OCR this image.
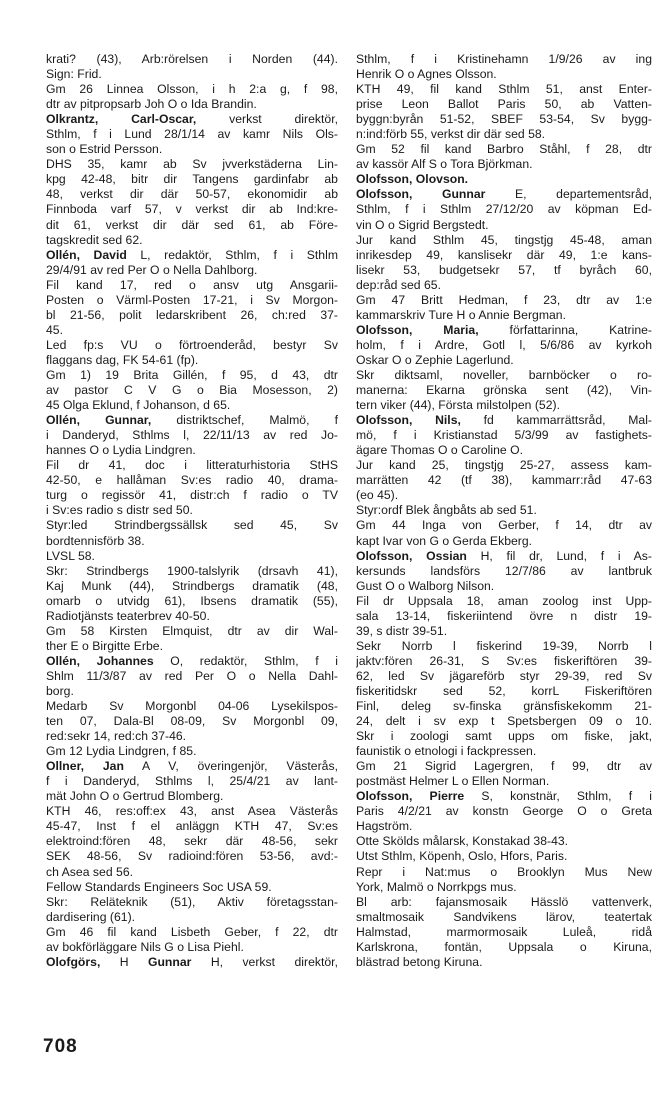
krati? (43), Arb:rörelsen i Norden (44).
Sign: Frid.
Gm 26 Linnea Olsson, i h 2:a g, f 98,
dtr av pitpropsarb Joh O o Ida Brandin.
Olkrantz, Carl-Oscar, verkst direktör,
Sthlm, f i Lund 28/1/14 av kamr Nils Ols-
son o Estrid Persson.
DHS 35, kamr ab Sv jvverkstäderna Lin-
kpg 42-48, bitr dir Tangens gardinfabr ab
48, verkst dir där 50-57, ekonomidir ab
Finnboda varf 57, v verkst dir ab Ind:kre-
dit 61, verkst dir där sed 61, ab Före-
tagskredit sed 62.
Ollén, David L, redaktör, Sthlm, f i Sthlm
29/4/91 av red Per O o Nella Dahlborg.
Fil kand 17, red o ansv utg Ansgarii-
Posten o Värml-Posten 17-21, i Sv Morgon-
bl 21-56, polit ledarskribent 26, ch:red 37-
45.
Led fp:s VU o förtroenderåd, bestyr Sv
flaggans dag, FK 54-61 (fp).
Gm 1) 19 Brita Gillén, f 95, d 43, dtr
av pastor C V G o Bia Mosesson, 2)
45 Olga Eklund, f Johanson, d 65.
Ollén, Gunnar, distriktschef, Malmö, f
i Danderyd, Sthlms l, 22/11/13 av red Jo-
hannes O o Lydia Lindgren.
Fil dr 41, doc i litteraturhistoria StHS
42-50, e hallåman Sv:es radio 40, drama-
turg o regissör 41, distr:ch f radio o TV
i Sv:es radio s distr sed 50.
Styr:led Strindbergssällsk sed 45, Sv
bordtennisförb 38.
LVSL 58.
Skr: Strindbergs 1900-talslyrik (drsavh 41),
Kaj Munk (44), Strindbergs dramatik (48,
omarb o utvidg 61), Ibsens dramatik (55),
Radiotjänsts teaterbrev 40-50.
Gm 58 Kirsten Elmquist, dtr av dir Wal-
ther E o Birgitte Erbe.
Ollén, Johannes O, redaktör, Sthlm, f i
Shlm 11/3/87 av red Per O o Nella Dahl-
borg.
Medarb Sv Morgonbl 04-06 Lysekilspos-
ten 07, Dala-Bl 08-09, Sv Morgonbl 09,
red:sekr 14, red:ch 37-46.
Gm 12 Lydia Lindgren, f 85.
Ollner, Jan A V, överingenjör, Västerås,
f i Danderyd, Sthlms l, 25/4/21 av lant-
mät John O o Gertrud Blomberg.
KTH 46, res:off:ex 43, anst Asea Västerås
45-47, Inst f el anläggn KTH 47, Sv:es
elektroind:fören 48, sekr där 48-56, sekr
SEK 48-56, Sv radioind:fören 53-56, avd:-
ch Asea sed 56.
Fellow Standards Engineers Soc USA 59.
Skr: Reläteknik (51), Aktiv företagsstan-
dardisering (61).
Gm 46 fil kand Lisbeth Geber, f 22, dtr
av bokförläggare Nils G o Lisa Piehl.
Olofgörs, H Gunnar H, verkst direktör,
Sthlm, f i Kristinehamn 1/9/26 av ing
Henrik O o Agnes Olsson.
KTH 49, fil kand Sthlm 51, anst Enter-
prise Leon Ballot Paris 50, ab Vatten-
byggn:byrån 51-52, SBEF 53-54, Sv bygg-
n:ind:förb 55, verkst dir där sed 58.
Gm 52 fil kand Barbro Ståhl, f 28, dtr
av kassör Alf S o Tora Björkman.
Olofsson, Olovson.
Olofsson, Gunnar E, departementsråd,
Sthlm, f i Sthlm 27/12/20 av köpman Ed-
vin O o Sigrid Bergstedt.
Jur kand Sthlm 45, tingstjg 45-48, aman
inrikesdep 49, kanslisekr där 49, 1:e kans-
lisekr 53, budgetsekr 57, tf byråch 60,
dep:råd sed 65.
Gm 47 Britt Hedman, f 23, dtr av 1:e
kammarskriv Ture H o Annie Bergman.
Olofsson, Maria, författarinna, Katrine-
holm, f i Ardre, Gotl l, 5/6/86 av kyrkoh
Oskar O o Zephie Lagerlund.
Skr diktsaml, noveller, barnböcker o ro-
manerna: Ekarna grönska sent (42), Vin-
tern viker (44), Första milstolpen (52).
Olofsson, Nils, fd kammarrättsråd, Mal-
mö, f i Kristianstad 5/3/99 av fastighets-
ägare Thomas O o Caroline O.
Jur kand 25, tingstjg 25-27, assess kam-
marrätten 42 (tf 38), kammarr:råd 47-63
(eo 45).
Styr:ordf Blek ångbåts ab sed 51.
Gm 44 Inga von Gerber, f 14, dtr av
kapt Ivar von G o Gerda Ekberg.
Olofsson, Ossian H, fil dr, Lund, f i As-
kersunds landsförs 12/7/86 av lantbruk
Gust O o Walborg Nilson.
Fil dr Uppsala 18, aman zoolog inst Upp-
sala 13-14, fiskeriintend övre n distr 19-
39, s distr 39-51.
Sekr Norrb l fiskerind 19-39, Norrb l
jaktv:fören 26-31, S Sv:es fiskeriftören 39-
62, led Sv jägareförb styr 29-39, red Sv
fiskeritidskr sed 52, korrL Fiskeriftören
Finl, deleg sv-finska gränsfiskekomm 21-
24, delt i sv exp t Spetsbergen 09 o 10.
Skr i zoologi samt upps om fiske, jakt,
faunistik o etnologi i fackpressen.
Gm 21 Sigrid Lagergren, f 99, dtr av
postmäst Helmer L o Ellen Norman.
Olofsson, Pierre S, konstnär, Sthlm, f i
Paris 4/2/21 av konstn George O o Greta
Hagström.
Otte Skölds målarsk, Konstakad 38-43.
Utst Sthlm, Köpenh, Oslo, Hfors, Paris.
Repr i Nat:mus o Brooklyn Mus New
York, Malmö o Norrkpgs mus.
Bl arb: fajansmosaik Hässlö vattenverk,
smaltmosaik Sandvikens lärov, teatertak
Halmstad, marmormosaik Luleå, ridå
Karlskrona, fontän, Uppsala o Kiruna,
blästrad betong Kiruna.
708
